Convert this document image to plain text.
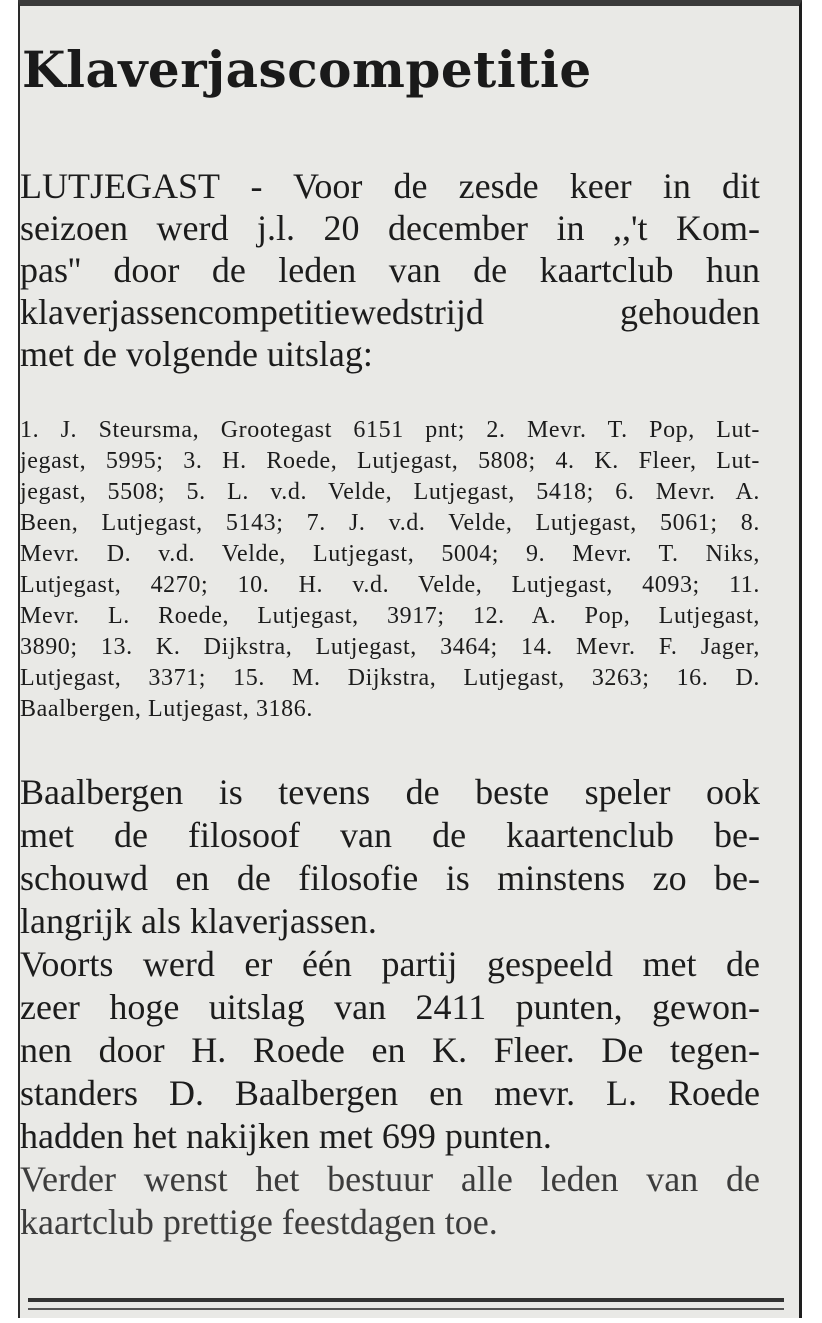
Klaverjascompetitie

LUTJEGAST - Voor de zesde keer in dit

seizoen werd j.l. 20 december in ,,'t Kom-

pas'' door de leden van de kaartclub hun

klaverjassencompetitiewedstrijd gehouden

met de volgende uitslag:

1. J. Steursma, Grootegast 6151 pnt; 2. Mevr. T. Pop, Lut-

jegast, 5995; 3. H. Roede, Lutjegast, 5808; 4. K. Fleer, Lut-

jegast, 5508; 5. L. v.d. Velde, Lutjegast, 5418; 6. Mevr. A.

Been, Lutjegast, 5143; 7. J. v.d. Velde, Lutjegast, 5061; 8.

Mevr. D. v.d. Velde, Lutjegast, 5004; 9. Mevr. T. Niks,

Lutjegast, 4270; 10. H. v.d. Velde, Lutjegast, 4093; 11.

Mevr. L. Roede, Lutjegast, 3917; 12. A. Pop, Lutjegast,

3890; 13. K. Dijkstra, Lutjegast, 3464; 14. Mevr. F. Jager,

Lutjegast, 3371; 15. M. Dijkstra, Lutjegast, 3263; 16. D.

Baalbergen, Lutjegast, 3186.

Baalbergen is tevens de beste speler ook

met de filosoof van de kaartenclub be-

schouwd en de filosofie is minstens zo be-

langrijk als klaverjassen.

Voorts werd er één partij gespeeld met de

zeer hoge uitslag van 2411 punten, gewon-

nen door H. Roede en K. Fleer. De tegen-

standers D. Baalbergen en mevr. L. Roede

hadden het nakijken met 699 punten.

Verder wenst het bestuur alle leden van de

kaartclub prettige feestdagen toe.
